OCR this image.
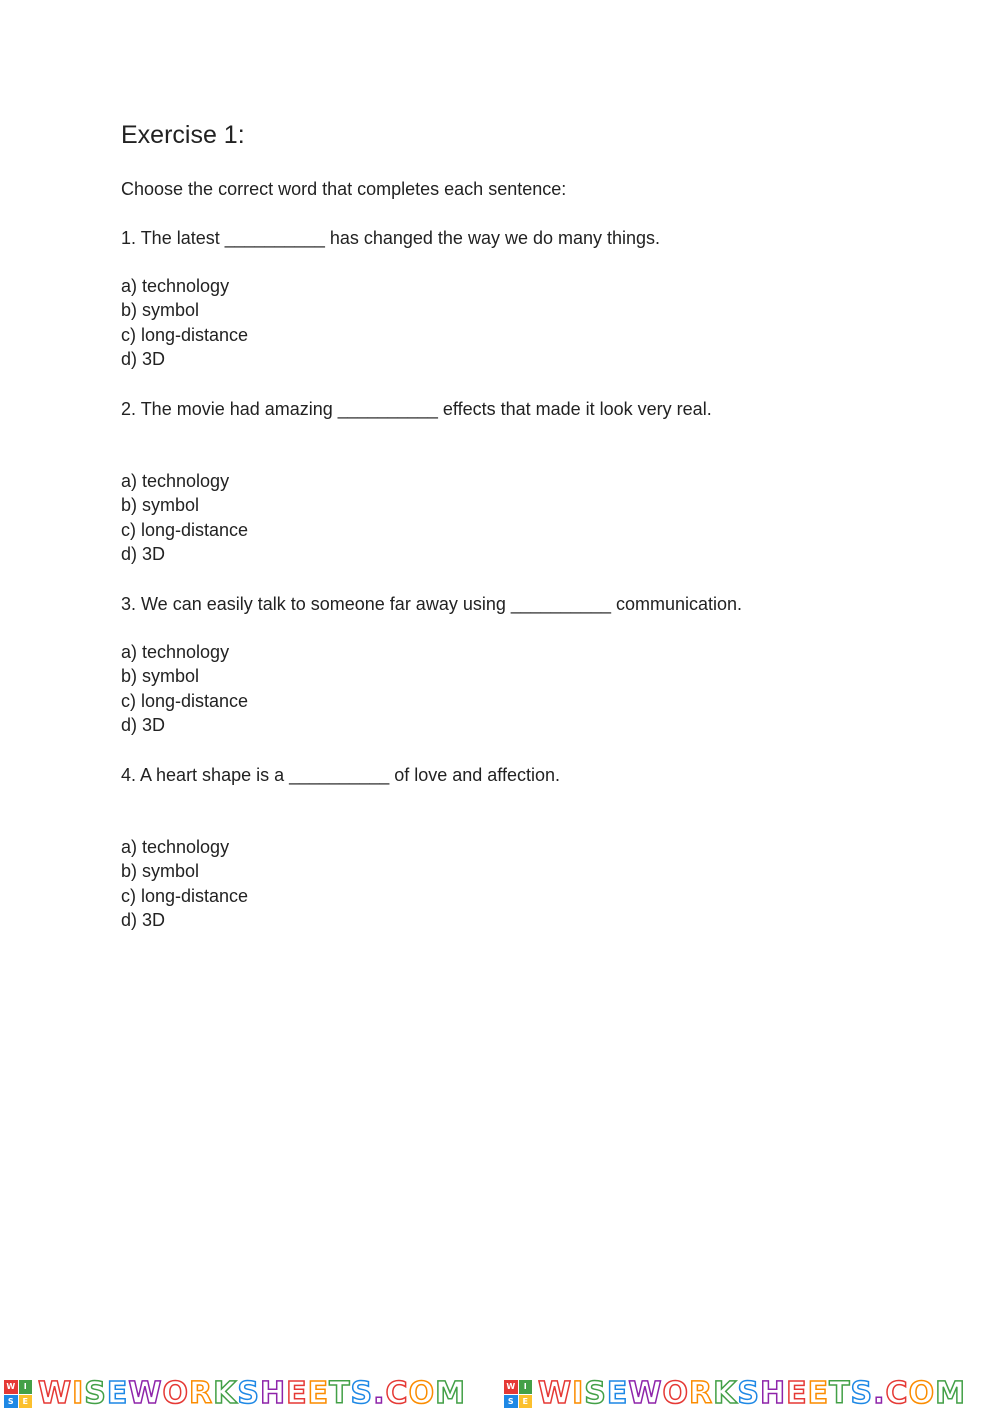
Exercise 1:
Choose the correct word that completes each sentence:
1. The latest __________ has changed the way we do many things.
a) technology
b) symbol
c) long-distance
d) 3D
2. The movie had amazing __________ effects that made it look very real.
a) technology
b) symbol
c) long-distance
d) 3D
3. We can easily talk to someone far away using __________ communication.
a) technology
b) symbol
c) long-distance
d) 3D
4. A heart shape is a __________ of love and affection.
a) technology
b) symbol
c) long-distance
d) 3D
W	I
S	E WISEWORKSHEETS.COM	W	I
S	E WISEWORKSHEETS.COM
